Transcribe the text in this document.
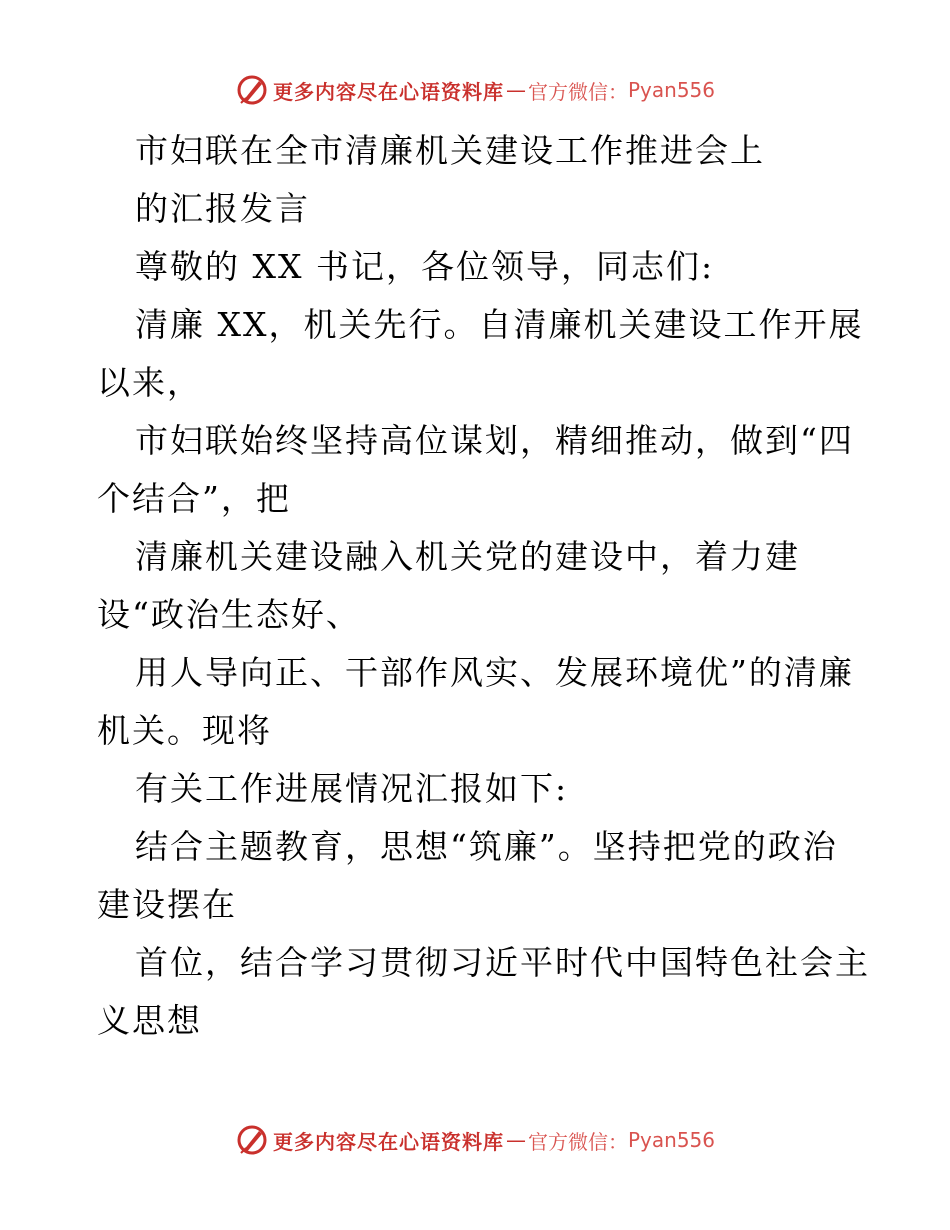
更多内容尽在心语资料库 — 官方微信： Pyan556
市妇联在全市清廉机关建设工作推进会上
的汇报发言
尊敬的 XX 书记，各位领导，同志们:
清廉 XX，机关先行。自清廉机关建设工作开展
以来，
市妇联始终坚持高位谋划，精细推动，做到“四
个结合”，把
清廉机关建设融入机关党的建设中，着力建
设“政治生态好、
用人导向正、干部作风实、发展环境优”的清廉
机关。现将
有关工作进展情况汇报如下:
结合主题教育，思想“筑廉”。坚持把党的政治
建设摆在
首位，结合学习贯彻习近平时代中国特色社会主
义思想
更多内容尽在心语资料库 — 官方微信： Pyan556
